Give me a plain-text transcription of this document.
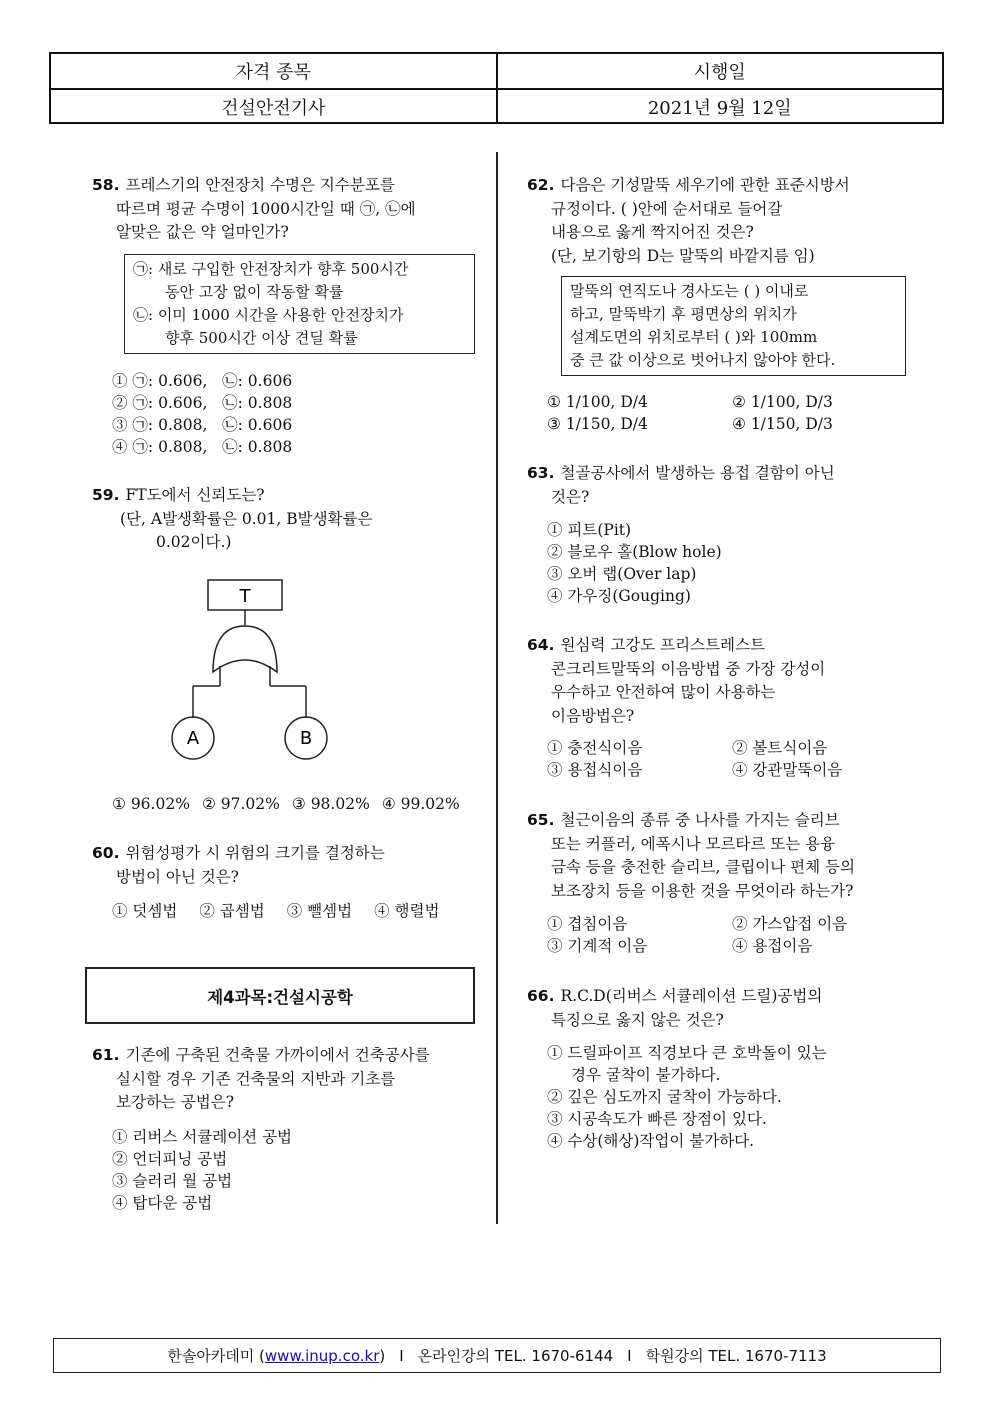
자격 종목	시행일
건설안전기사	2021년 9월 12일
58. 프레스기의 안전장치 수명은 지수분포를
따르며 평균 수명이 1000시간일 때 ㉠, ㉡에
알맞은 값은 약 얼마인가?
㉠: 새로 구입한 안전장치가 향후 500시간
동안 고장 없이 작동할 확률
㉡: 이미 1000 시간을 사용한 안전장치가
향후 500시간 이상 견딜 확률
① ㉠: 0.606,   ㉡: 0.606
② ㉠: 0.606,   ㉡: 0.808
③ ㉠: 0.808,   ㉡: 0.606
④ ㉠: 0.808,   ㉡: 0.808
59. FT도에서 신뢰도는?
(단, A발생확률은 0.01, B발생확률은
0.02이다.)
T
A	B
① 96.02% ② 97.02% ③ 98.02% ④ 99.02%
60. 위험성평가 시 위험의 크기를 결정하는
방법이 아닌 것은?
① 덧셈법 ② 곱셈법 ③ 뺄셈법 ④ 행렬법
제4과목:건설시공학
61. 기존에 구축된 건축물 가까이에서 건축공사를
실시할 경우 기존 건축물의 지반과 기초를
보강하는 공법은?
① 리버스 서큘레이션 공법
② 언더피닝 공법
③ 슬러리 월 공법
④ 탑다운 공법
62. 다음은 기성말뚝 세우기에 관한 표준시방서
규정이다. ( )안에 순서대로 들어갈
내용으로 옳게 짝지어진 것은?
(단, 보기항의 D는 말뚝의 바깥지름 임)
말뚝의 연직도나 경사도는 ( ) 이내로
하고, 말뚝박기 후 평면상의 위치가
설계도면의 위치로부터 ( )와 100mm
중 큰 값 이상으로 벗어나지 않아야 한다.
① 1/100, D/4	② 1/100, D/3
③ 1/150, D/4	④ 1/150, D/3
63. 철골공사에서 발생하는 용접 결함이 아닌
것은?
① 피트(Pit)
② 블로우 홀(Blow hole)
③ 오버 랩(Over lap)
④ 가우징(Gouging)
64. 원심력 고강도 프리스트레스트
콘크리트말뚝의 이음방법 중 가장 강성이
우수하고 안전하여 많이 사용하는
이음방법은?
① 충전식이음	② 볼트식이음
③ 용접식이음	④ 강관말뚝이음
65. 철근이음의 종류 중 나사를 가지는 슬리브
또는 커플러, 에폭시나 모르타르 또는 용융
금속 등을 충전한 슬리브, 클립이나 편체 등의
보조장치 등을 이용한 것을 무엇이라 하는가?
① 겹침이음	② 가스압접 이음
③ 기계적 이음	④ 용접이음
66. R.C.D(리버스 서큘레이션 드릴)공법의
특징으로 옳지 않은 것은?
① 드릴파이프 직경보다 큰 호박돌이 있는
경우 굴착이 불가하다.
② 깊은 심도까지 굴착이 가능하다.
③ 시공속도가 빠른 장점이 있다.
④ 수상(해상)작업이 불가하다.
한솔아카데미 ( www.inup.co.kr ) I 온라인강의 TEL. 1670-6144 I 학원강의 TEL. 1670-7113
